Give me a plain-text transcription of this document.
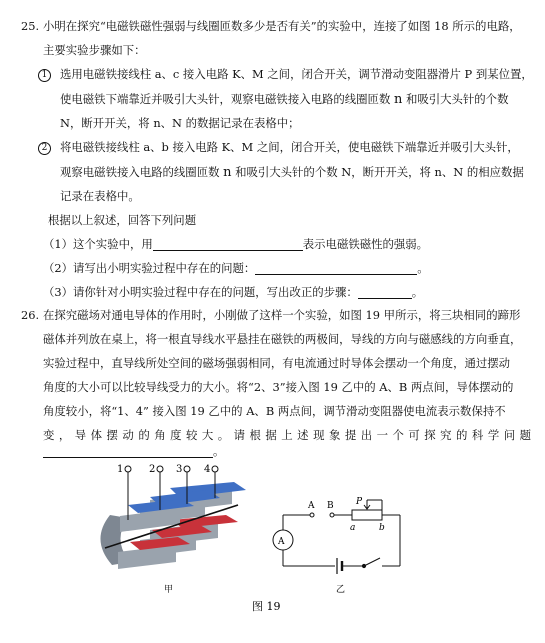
25. 小明在探究“电磁铁磁性强弱与线圈匝数多少是否有关”的实验中，连接了如图 18 所示的电路，
主要实验步骤如下：
1	选用电磁铁接线柱 a、c 接入电路 K、M 之间，闭合开关，调节滑动变阻器滑片 P 到某位置，
使电磁铁下端靠近并吸引大头针，观察电磁铁接入电路的线圈匝数 n 和吸引大头针的个数
N，断开开关，将 n、N 的数据记录在表格中；
2	将电磁铁接线柱 a、b 接入电路 K、M 之间，闭合开关，使电磁铁下端靠近并吸引大头针，
观察电磁铁接入电路的线圈匝数 n 和吸引大头针的个数 N，断开开关，将 n、N 的相应数据
记录在表格中。
根据以上叙述，回答下列问题
（1）这个实验中，用	表示电磁铁磁性的强弱。
（2）请写出小明实验过程中存在的问题：	。
（3）请你针对小明实验过程中存在的问题，写出改正的步骤：	。
26. 在探究磁场对通电导体的作用时，小刚做了这样一个实验，如图 19 甲所示，将三块相同的蹄形
磁体并列放在桌上，将一根直导线水平悬挂在磁铁的两极间，导线的方向与磁感线的方向垂直，
实验过程中，直导线所处空间的磁场强弱相同，有电流通过时导体会摆动一个角度，通过摆动
角度的大小可以比较导线受力的大小。将“2、3”接入图 19 乙中的 A、B 两点间，导体摆动的
角度较小，将“1、4” 接入图 19 乙中的 A、B 两点间，调节滑动变阻器使电流表示数保持不
变，导体摆动的角度较大。请根据上述现象提出一个可探究的科学问题
。
1	2 3 4
甲
A
A B P
a	b
乙
图 19
